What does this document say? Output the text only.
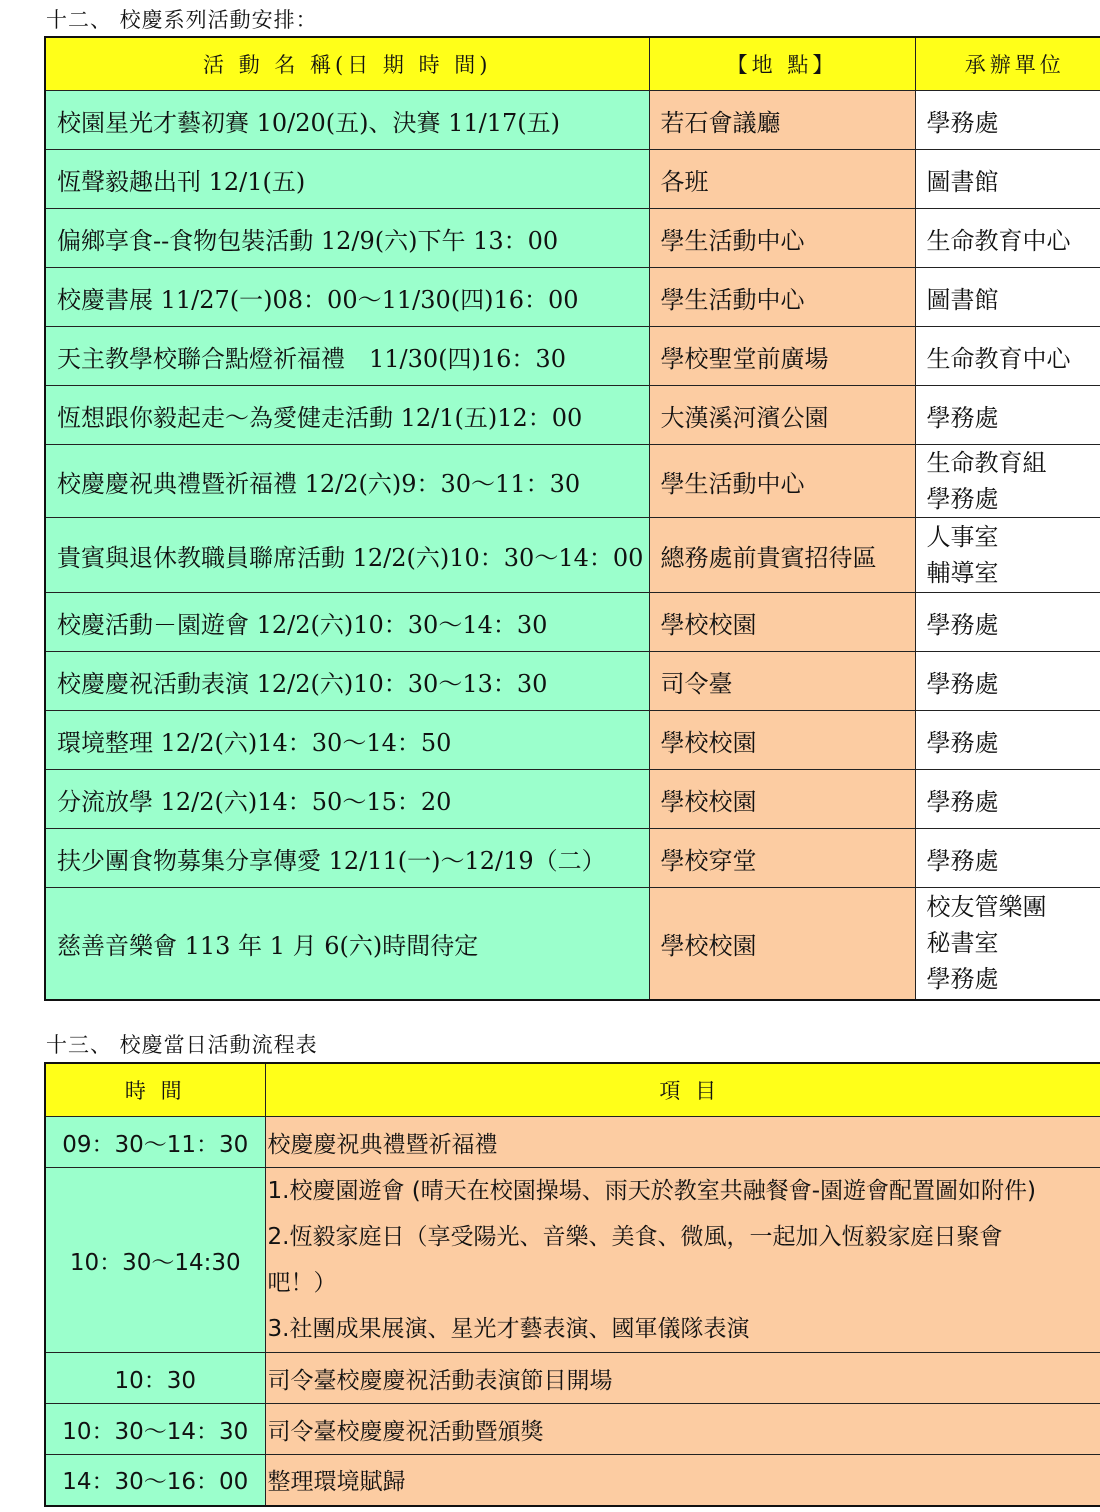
十二、 校慶系列活動安排：
活 動 名 稱(日 期 時 間)	【地 點】	承辦單位
校園星光才藝初賽 10/20(五)、決賽 11/17(五)	若石會議廳	學務處
恆聲毅趣出刊 12/1(五)	各班	圖書館
偏鄉享食--食物包裝活動 12/9(六)下午 13：00	學生活動中心	生命教育中心
校慶書展 11/27(一)08：00～11/30(四)16：00	學生活動中心	圖書館
天主教學校聯合點燈祈福禮　11/30(四)16：30	學校聖堂前廣場	生命教育中心
恆想跟你毅起走～為愛健走活動 12/1(五)12：00	大漢溪河濱公園	學務處
校慶慶祝典禮暨祈福禮 12/2(六)9：30～11：30	學生活動中心	生命教育組
學務處

貴賓與退休教職員聯席活動 12/2(六)10：30～14：00	總務處前貴賓招待區	人事室
輔導室

校慶活動－園遊會 12/2(六)10：30～14：30	學校校園	學務處
校慶慶祝活動表演 12/2(六)10：30～13：30	司令臺	學務處
環境整理 12/2(六)14：30～14：50	學校校園	學務處
分流放學 12/2(六)14：50～15：20	學校校園	學務處
扶少團食物募集分享傳愛 12/11(一)～12/19（二）	學校穿堂	學務處
慈善音樂會 113 年 1 月 6(六)時間待定	學校校園	校友管樂團
秘書室
學務處
十三、 校慶當日活動流程表
時 間	項 目
09：30～11：30	校慶慶祝典禮暨祈福禮
10：30～14:30	1.校慶園遊會 (晴天在校園操場、雨天於教室共融餐會-園遊會配置圖如附件)
2.恆毅家庭日（享受陽光、音樂、美食、微風，一起加入恆毅家庭日聚會
吧！）
3.社團成果展演、星光才藝表演、國軍儀隊表演

10：30	司令臺校慶慶祝活動表演節目開場
10：30～14：30	司令臺校慶慶祝活動暨頒獎
14：30～16：00	整理環境賦歸
